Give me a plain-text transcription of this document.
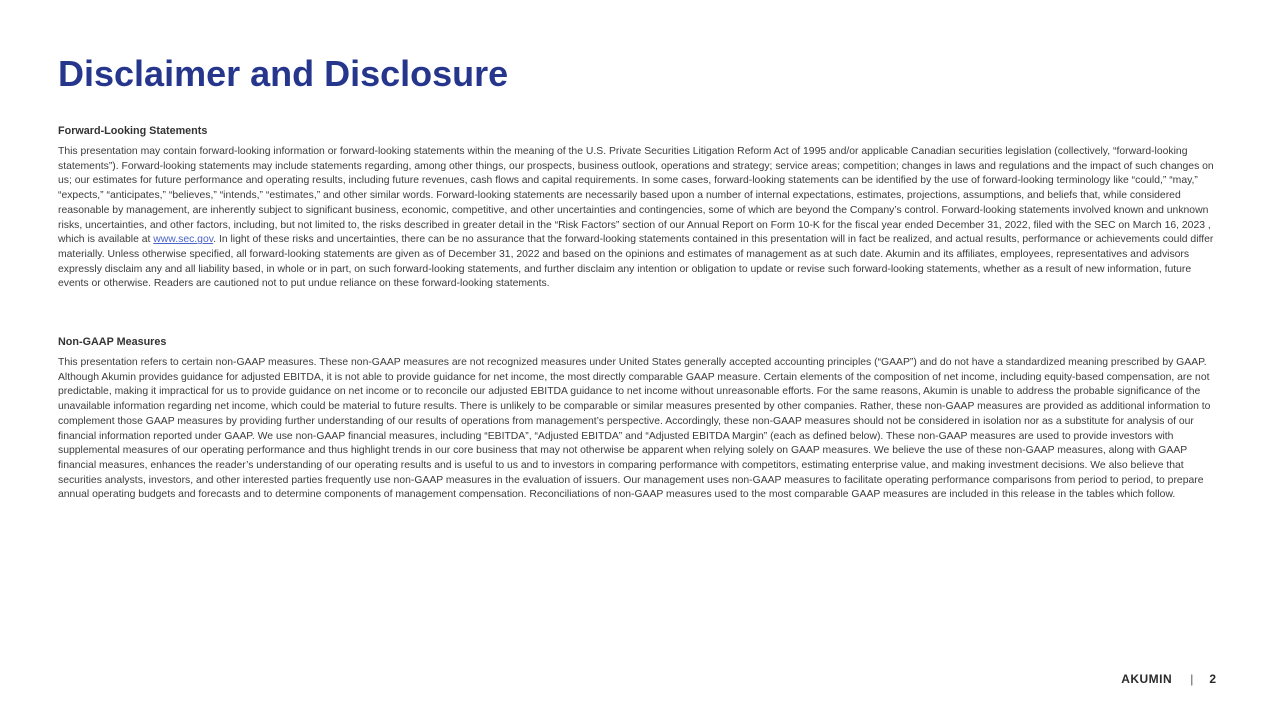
Disclaimer and Disclosure
Forward-Looking Statements

This presentation may contain forward-looking information or forward-looking statements within the meaning of the U.S. Private Securities Litigation Reform Act of 1995 and/or applicable Canadian securities legislation (collectively, “forward-looking statements”). Forward-looking statements may include statements regarding, among other things, our prospects, business outlook, operations and strategy; service areas; competition; changes in laws and regulations and the impact of such changes on us; our estimates for future performance and operating results, including future revenues, cash flows and capital requirements. In some cases, forward-looking statements can be identified by the use of forward-looking terminology like “could,” “may,” “expects,” “anticipates,” “believes,” “intends,” “estimates,” and other similar words. Forward-looking statements are necessarily based upon a number of internal expectations, estimates, projections, assumptions, and beliefs that, while considered reasonable by management, are inherently subject to significant business, economic, competitive, and other uncertainties and contingencies, some of which are beyond the Company’s control. Forward-looking statements involved known and unknown risks, uncertainties, and other factors, including, but not limited to, the risks described in greater detail in the “Risk Factors” section of our Annual Report on Form 10-K for the fiscal year ended December 31, 2022, filed with the SEC on March 16, 2023 , which is available at www.sec.gov. In light of these risks and uncertainties, there can be no assurance that the forward-looking statements contained in this presentation will in fact be realized, and actual results, performance or achievements could differ materially. Unless otherwise specified, all forward-looking statements are given as of December 31, 2022 and based on the opinions and estimates of management as at such date. Akumin and its affiliates, employees, representatives and advisors expressly disclaim any and all liability based, in whole or in part, on such forward-looking statements, and further disclaim any intention or obligation to update or revise such forward-looking statements, whether as a result of new information, future events or otherwise. Readers are cautioned not to put undue reliance on these forward-looking statements.

Non-GAAP Measures

This presentation refers to certain non-GAAP measures. These non-GAAP measures are not recognized measures under United States generally accepted accounting principles (“GAAP”) and do not have a standardized meaning prescribed by GAAP. Although Akumin provides guidance for adjusted EBITDA, it is not able to provide guidance for net income, the most directly comparable GAAP measure. Certain elements of the composition of net income, including equity-based compensation, are not predictable, making it impractical for us to provide guidance on net income or to reconcile our adjusted EBITDA guidance to net income without unreasonable efforts. For the same reasons, Akumin is unable to address the probable significance of the unavailable information regarding net income, which could be material to future results. There is unlikely to be comparable or similar measures presented by other companies. Rather, these non-GAAP measures are provided as additional information to complement those GAAP measures by providing further understanding of our results of operations from management’s perspective. Accordingly, these non-GAAP measures should not be considered in isolation nor as a substitute for analysis of our financial information reported under GAAP. We use non-GAAP financial measures, including “EBITDA”, “Adjusted EBITDA” and “Adjusted EBITDA Margin” (each as defined below). These non-GAAP measures are used to provide investors with supplemental measures of our operating performance and thus highlight trends in our core business that may not otherwise be apparent when relying solely on GAAP measures. We believe the use of these non-GAAP measures, along with GAAP financial measures, enhances the reader’s understanding of our operating results and is useful to us and to investors in comparing performance with competitors, estimating enterprise value, and making investment decisions. We also believe that securities analysts, investors, and other interested parties frequently use non-GAAP measures in the evaluation of issuers. Our management uses non-GAAP measures to facilitate operating performance comparisons from period to period, to prepare annual operating budgets and forecasts and to determine components of management compensation. Reconciliations of non-GAAP measures used to the most comparable GAAP measures are included in this release in the tables which follow.

AKUMIN | 2
